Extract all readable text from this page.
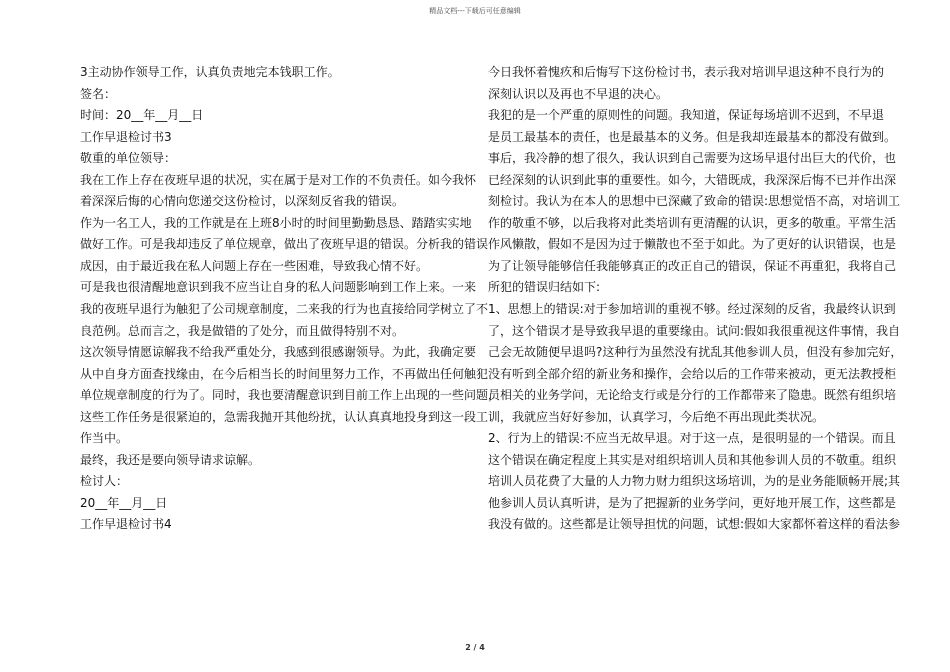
精品文档---下载后可任意编辑
3主动协作领导工作，认真负责地完本钱职工作。
签名：
时间：20__年__月__日
工作早退检讨书3
敬重的单位领导：
我在工作上存在夜班早退的状况，实在属于是对工作的不负责任。如今我怀
着深深后悔的心情向您递交这份检讨，以深刻反省我的错误。
作为一名工人，我的工作就是在上班8小时的时间里勤勤恳恳、踏踏实实地
做好工作。可是我却违反了单位规章，做出了夜班早退的错误。分析我的错误
成因，由于最近我在私人问题上存在一些困难，导致我心情不好。
可是我也很清醒地意识到我不应当让自身的私人问题影响到工作上来。一来
我的夜班早退行为触犯了公司规章制度，二来我的行为也直接给同学树立了不
良范例。总而言之，我是做错的了处分，而且做得特别不对。
这次领导情愿谅解我不给我严重处分，我感到很感谢领导。为此，我确定要
从中自身方面查找缘由，在今后相当长的时间里努力工作，不再做出任何触犯
单位规章制度的行为了。同时，我也要清醒意识到目前工作上出现的一些问题，
这些工作任务是很紧迫的，急需我抛开其他纷扰，认认真真地投身到这一段工
作当中。
最终，我还是要向领导请求谅解。
检讨人：
20__年__月__日
工作早退检讨书4
今日我怀着愧疚和后悔写下这份检讨书，表示我对培训早退这种不良行为的
深刻认识以及再也不早退的决心。
我犯的是一个严重的原则性的问题。我知道，保证每场培训不迟到，不早退
是员工最基本的责任，也是最基本的义务。但是我却连最基本的都没有做到。
事后，我冷静的想了很久，我认识到自己需要为这场早退付出巨大的代价，也
已经深刻的认识到此事的重要性。如今，大错既成，我深深后悔不已并作出深
刻检讨。我认为在本人的思想中已深藏了致命的错误:思想觉悟不高，对培训工
作的敬重不够，以后我将对此类培训有更清醒的认识，更多的敬重。平常生活
作风懒散，假如不是因为过于懒散也不至于如此。为了更好的认识错误，也是
为了让领导能够信任我能够真正的改正自己的错误，保证不再重犯，我将自己
所犯的错误归结如下:
1、思想上的错误:对于参加培训的重视不够。经过深刻的反省，我最终认识到
了，这个错误才是导致我早退的重要缘由。试问:假如我很重视这件事情，我自
己会无故随便早退吗?这种行为虽然没有扰乱其他参训人员，但没有参加完好，
没有听到全部介绍的新业务和操作，会给以后的工作带来被动，更无法教授柜
员相关的业务学问，无论给支行或是分行的工作都带来了隐患。既然有组织培
训，我就应当好好参加，认真学习，今后绝不再出现此类状况。
2、行为上的错误:不应当无故早退。对于这一点，是很明显的一个错误。而且
这个错误在确定程度上其实是对组织培训人员和其他参训人员的不敬重。组织
培训人员花费了大量的人力物力财力组织这场培训，为的是业务能顺畅开展;其
他参训人员认真听讲，是为了把握新的业务学问，更好地开展工作，这些都是
我没有做的。这些都是让领导担忧的问题，试想:假如大家都怀着这样的看法参
2 / 4
